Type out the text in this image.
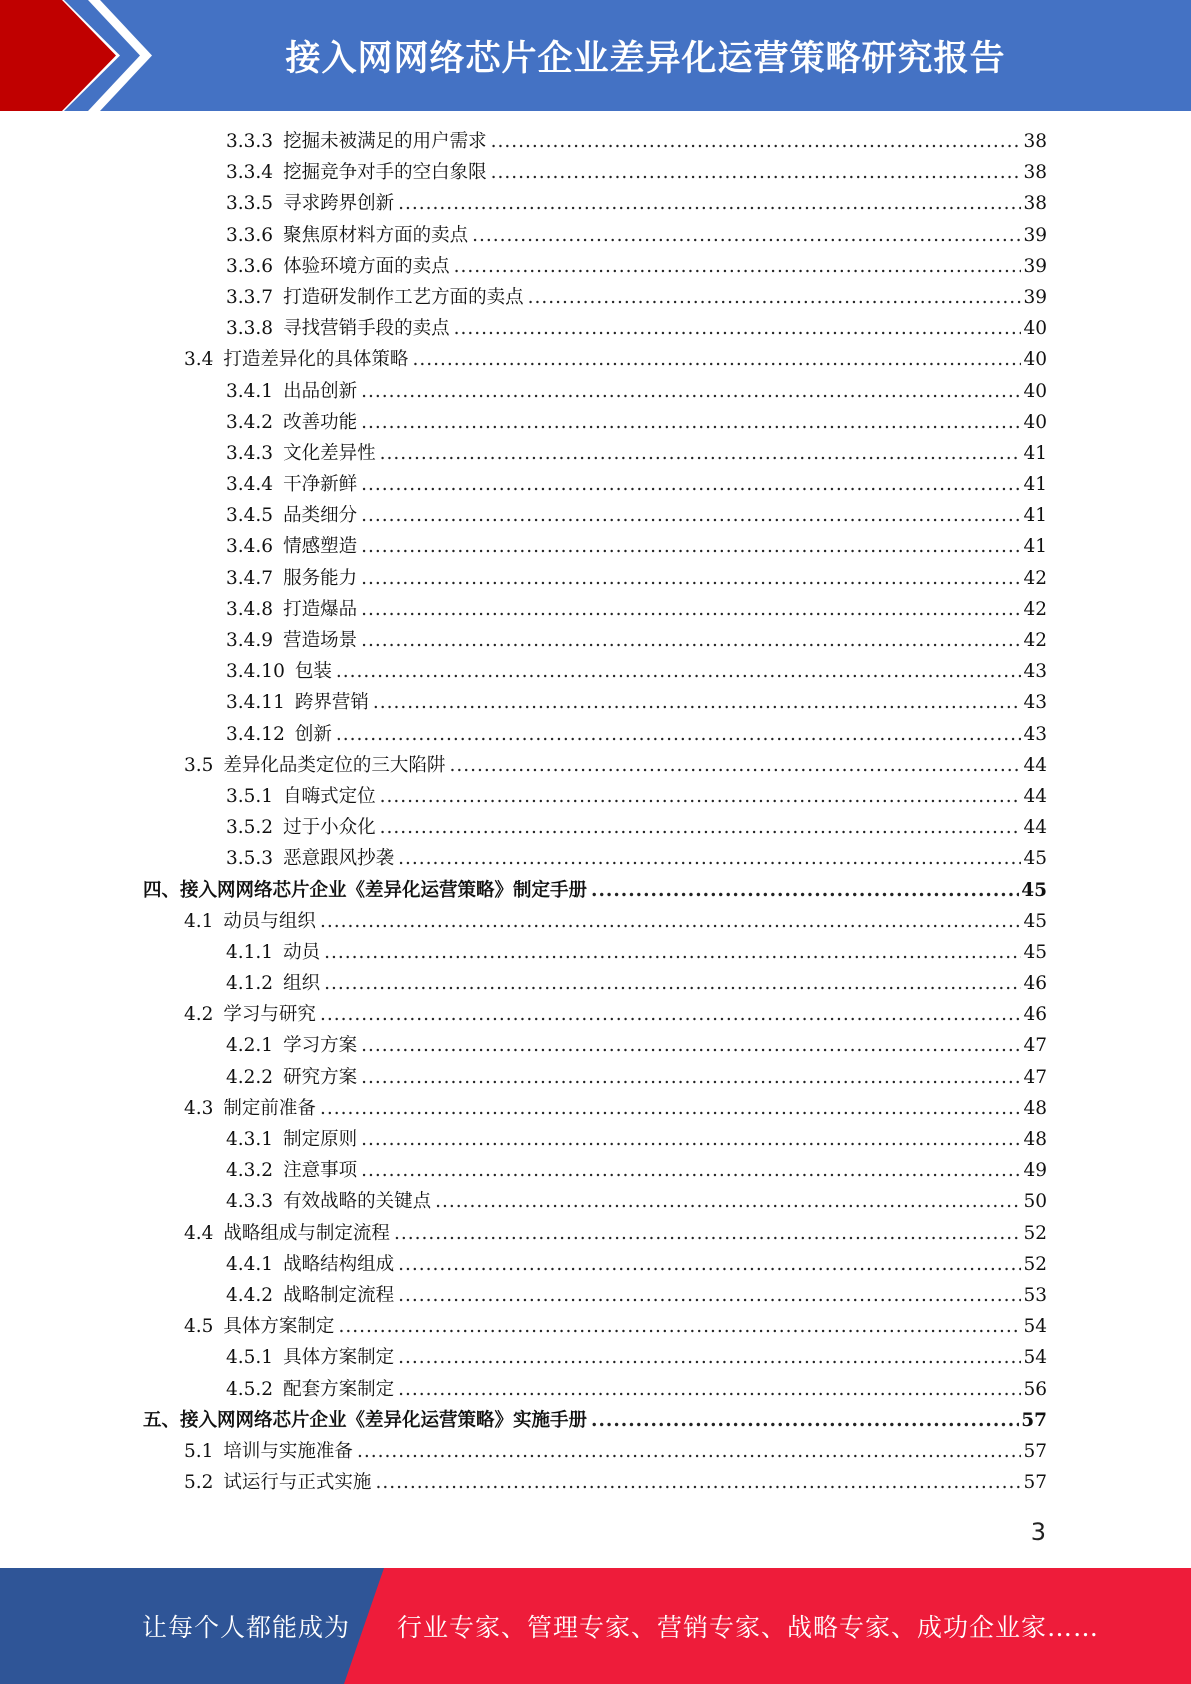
接入网网络芯片企业差异化运营策略研究报告
3.3.3 挖掘未被满足的用户需求 .....	38
3.3.4 挖掘竞争对手的空白象限 .....	38
3.3.5 寻求跨界创新 .....	38
3.3.6 聚焦原材料方面的卖点 .....	39
3.3.6 体验环境方面的卖点 .....	39
3.3.7 打造研发制作工艺方面的卖点 .....	39
3.3.8 寻找营销手段的卖点 .....	40
3.4 打造差异化的具体策略 .....	40
3.4.1 出品创新 .....	40
3.4.2 改善功能 .....	40
3.4.3 文化差异性 .....	41
3.4.4 干净新鲜 .....	41
3.4.5 品类细分 .....	41
3.4.6 情感塑造 .....	41
3.4.7 服务能力 .....	42
3.4.8 打造爆品 .....	42
3.4.9 营造场景 .....	42
3.4.10 包装 .....	43
3.4.11 跨界营销 .....	43
3.4.12 创新 .....	43
3.5 差异化品类定位的三大陷阱 .....	44
3.5.1 自嗨式定位 .....	44
3.5.2 过于小众化 .....	44
3.5.3 恶意跟风抄袭 .....	45
四、 接入网网络芯片企业《差异化运营策略》制定手册 .....	45
4.1 动员与组织 .....	45
4.1.1 动员 .....	45
4.1.2 组织 .....	46
4.2 学习与研究 .....	46
4.2.1 学习方案 .....	47
4.2.2 研究方案 .....	47
4.3 制定前准备 .....	48
4.3.1 制定原则 .....	48
4.3.2 注意事项 .....	49
4.3.3 有效战略的关键点 .....	50
4.4 战略组成与制定流程 .....	52
4.4.1 战略结构组成 .....	52
4.4.2 战略制定流程 .....	53
4.5 具体方案制定 .....	54
4.5.1 具体方案制定 .....	54
4.5.2 配套方案制定 .....	56
五、 接入网网络芯片企业《差异化运营策略》实施手册 .....	57
5.1 培训与实施准备 .....	57
5.2 试运行与正式实施 .....	57
3
让每个人都能成为 行业专家、管理专家、营销专家、战略专家、成功企业家……
